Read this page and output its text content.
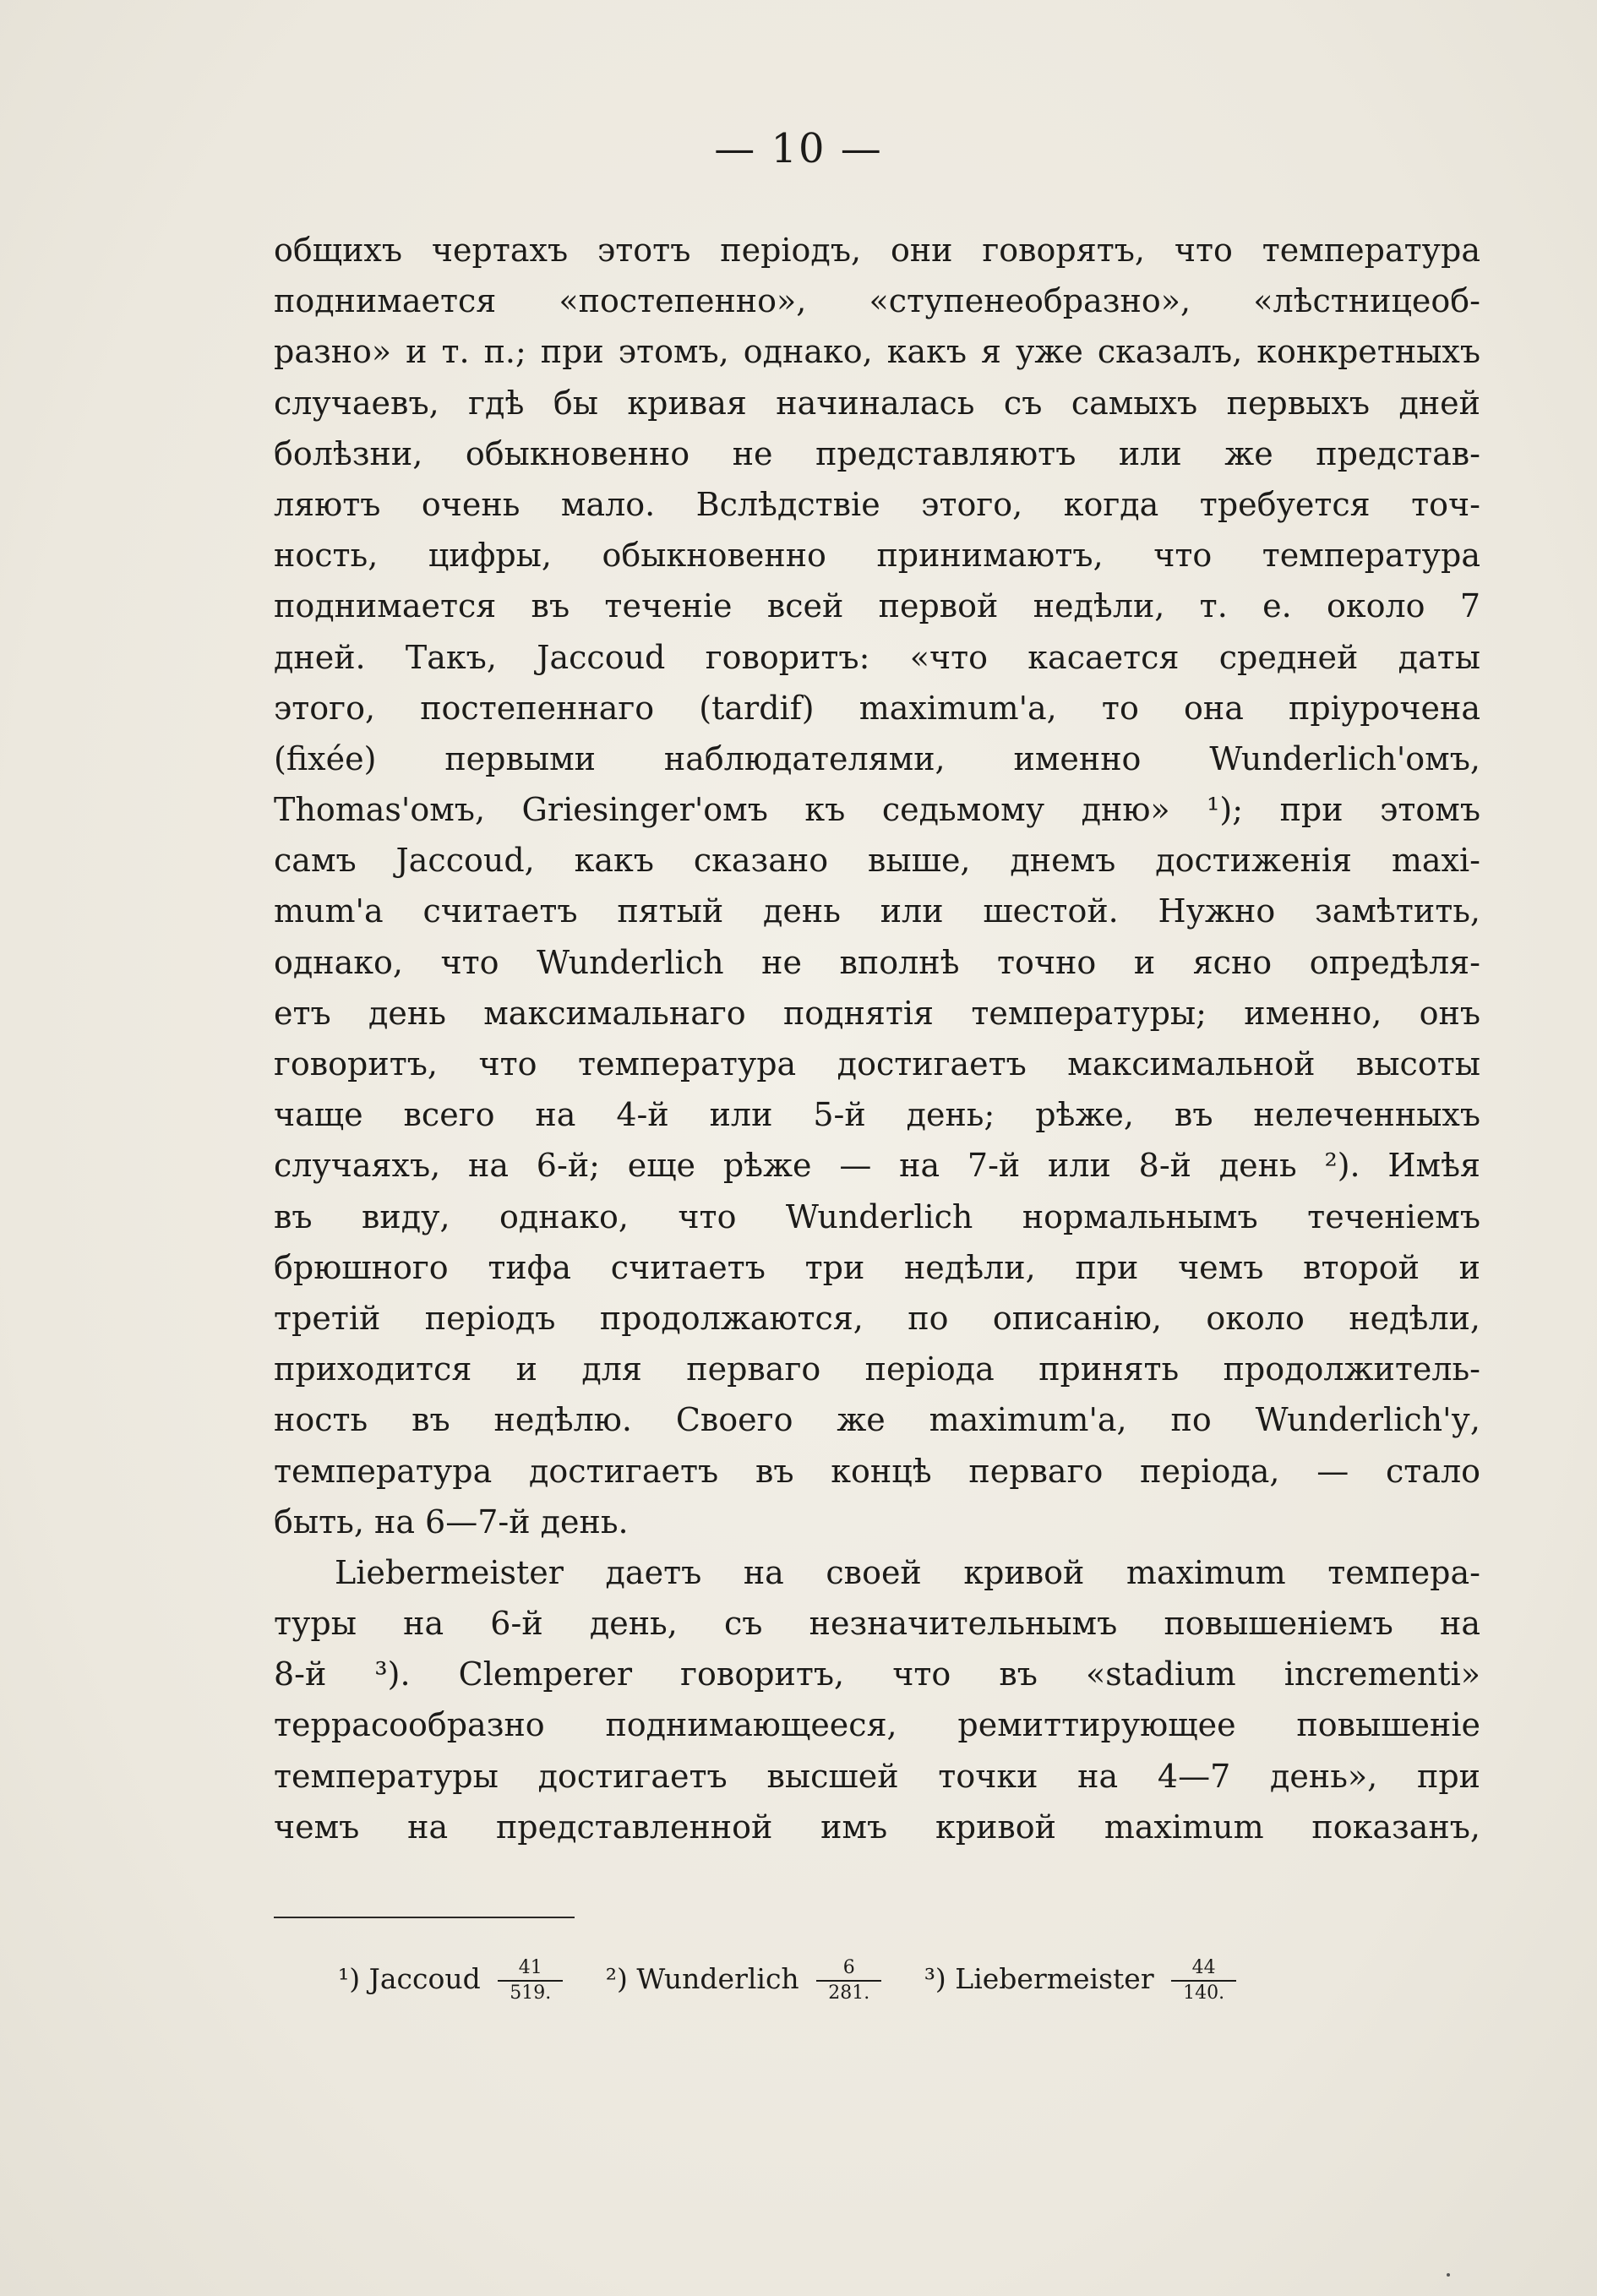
— 10 —
общихъ чертахъ этотъ періодъ, они говорятъ, что температура
поднимается «постепенно», «ступенеобразно», «лѣстницеоб-
разно» и т. п.; при этомъ, однако, какъ я уже сказалъ, конкретныхъ
случаевъ, гдѣ бы кривая начиналась съ самыхъ первыхъ дней
болѣзни, обыкновенно не представляютъ или же представ-
ляютъ очень мало. Вслѣдствіе этого, когда требуется точ-
ность, цифры, обыкновенно принимаютъ, что температура
поднимается въ теченіе всей первой недѣли, т. е. около 7
дней. Такъ, Jaccoud говоритъ: «что касается средней даты
этого, постепеннаго (tardif) maximum'а, то она пріурочена
(fixée) первыми наблюдателями, именно Wunderlich'омъ,
Thomas'омъ, Griesinger'омъ къ седьмому дню» ¹); при этомъ
самъ Jaccoud, какъ сказано выше, днемъ достиженія maxi-
mum'а считаетъ пятый день или шестой. Нужно замѣтить,
однако, что Wunderlich не вполнѣ точно и ясно опредѣля-
етъ день максимальнаго поднятія температуры; именно, онъ
говоритъ, что температура достигаетъ максимальной высоты
чаще всего на 4-й или 5-й день; рѣже, въ нелеченныхъ
случаяхъ, на 6-й; еще рѣже — на 7-й или 8-й день ²). Имѣя
въ виду, однако, что Wunderlich нормальнымъ теченіемъ
брюшного тифа считаетъ три недѣли, при чемъ второй и
третій періодъ продолжаются, по описанію, около недѣли,
приходится и для перваго періода принять продолжитель-
ность въ недѣлю. Своего же maximum'а, по Wunderlich'у,
температура достигаетъ въ концѣ перваго періода, — стало
быть, на 6—7-й день.
Liebermeister даетъ на своей кривой maximum темпера-
туры на 6-й день, съ незначительнымъ повышеніемъ на
8-й ³). Clemperer говоритъ, что въ «stadium incrementi»
террасообразно поднимающееся, ремиттирующее повышеніе
температуры достигаетъ высшей точки на 4—7 день», при
чемъ на представленной имъ кривой maximum показанъ,
¹) Jaccoud $\frac{41}{519.} ^2$) Wunderlich $\frac{6}{281.} ^3$) Liebermeister $\frac{44}{140.}$
